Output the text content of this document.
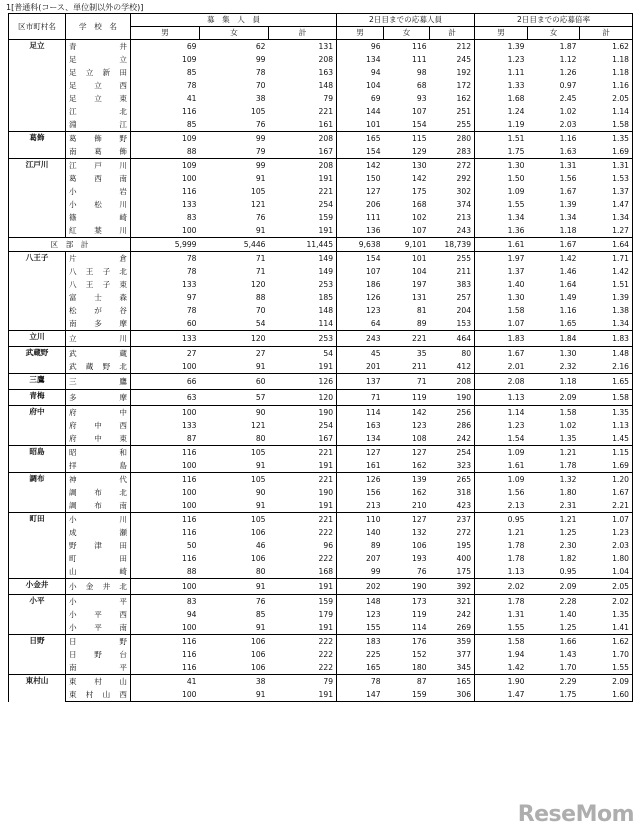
1[普通科(コース、単位制以外の学校)]
区市町村名	学　校　名	募　集　人　員			2日目までの応募人員			2日目までの応募倍率		
		男	女	計	男	女	計	男	女	計
足立	青井	69	62	131	96	116	212	1.39	1.87	1.62
	足立	109	99	208	134	111	245	1.23	1.12	1.18
	足立新田	85	78	163	94	98	192	1.11	1.26	1.18
	足立西	78	70	148	104	68	172	1.33	0.97	1.16
	足立東	41	38	79	69	93	162	1.68	2.45	2.05
	江北	116	105	221	144	107	251	1.24	1.02	1.14
	淵江	85	76	161	101	154	255	1.19	2.03	1.58
葛飾	葛飾野	109	99	208	165	115	280	1.51	1.16	1.35
	南葛飾	88	79	167	154	129	283	1.75	1.63	1.69
江戸川	江戸川	109	99	208	142	130	272	1.30	1.31	1.31
	葛西南	100	91	191	150	142	292	1.50	1.56	1.53
	小岩	116	105	221	127	175	302	1.09	1.67	1.37
	小松川	133	121	254	206	168	374	1.55	1.39	1.47
	篠崎	83	76	159	111	102	213	1.34	1.34	1.34
	紅葉川	100	91	191	136	107	243	1.36	1.18	1.27
区　部　計		5,999	5,446	11,445	9,638	9,101	18,739	1.61	1.67	1.64
八王子	片倉	78	71	149	154	101	255	1.97	1.42	1.71
	八王子北	78	71	149	107	104	211	1.37	1.46	1.42
	八王子東	133	120	253	186	197	383	1.40	1.64	1.51
	富士森	97	88	185	126	131	257	1.30	1.49	1.39
	松が谷	78	70	148	123	81	204	1.58	1.16	1.38
	南多摩	60	54	114	64	89	153	1.07	1.65	1.34
立川	立川	133	120	253	243	221	464	1.83	1.84	1.83
武蔵野	武蔵	27	27	54	45	35	80	1.67	1.30	1.48
	武蔵野北	100	91	191	201	211	412	2.01	2.32	2.16
三鷹	三鷹	66	60	126	137	71	208	2.08	1.18	1.65
青梅	多摩	63	57	120	71	119	190	1.13	2.09	1.58
府中	府中	100	90	190	114	142	256	1.14	1.58	1.35
	府中西	133	121	254	163	123	286	1.23	1.02	1.13
	府中東	87	80	167	134	108	242	1.54	1.35	1.45
昭島	昭和	116	105	221	127	127	254	1.09	1.21	1.15
	拝島	100	91	191	161	162	323	1.61	1.78	1.69
調布	神代	116	105	221	126	139	265	1.09	1.32	1.20
	調布北	100	90	190	156	162	318	1.56	1.80	1.67
	調布南	100	91	191	213	210	423	2.13	2.31	2.21
町田	小川	116	105	221	110	127	237	0.95	1.21	1.07
	成瀬	116	106	222	140	132	272	1.21	1.25	1.23
	野津田	50	46	96	89	106	195	1.78	2.30	2.03
	町田	116	106	222	207	193	400	1.78	1.82	1.80
	山崎	88	80	168	99	76	175	1.13	0.95	1.04
小金井	小金井北	100	91	191	202	190	392	2.02	2.09	2.05
小平	小平	83	76	159	148	173	321	1.78	2.28	2.02
	小平西	94	85	179	123	119	242	1.31	1.40	1.35
	小平南	100	91	191	155	114	269	1.55	1.25	1.41
日野	日野	116	106	222	183	176	359	1.58	1.66	1.62
	日野台	116	106	222	225	152	377	1.94	1.43	1.70
	南平	116	106	222	165	180	345	1.42	1.70	1.55
東村山	東村山	41	38	79	78	87	165	1.90	2.29	2.09
	東村山西	100	91	191	147	159	306	1.47	1.75	1.60
ReseMom
